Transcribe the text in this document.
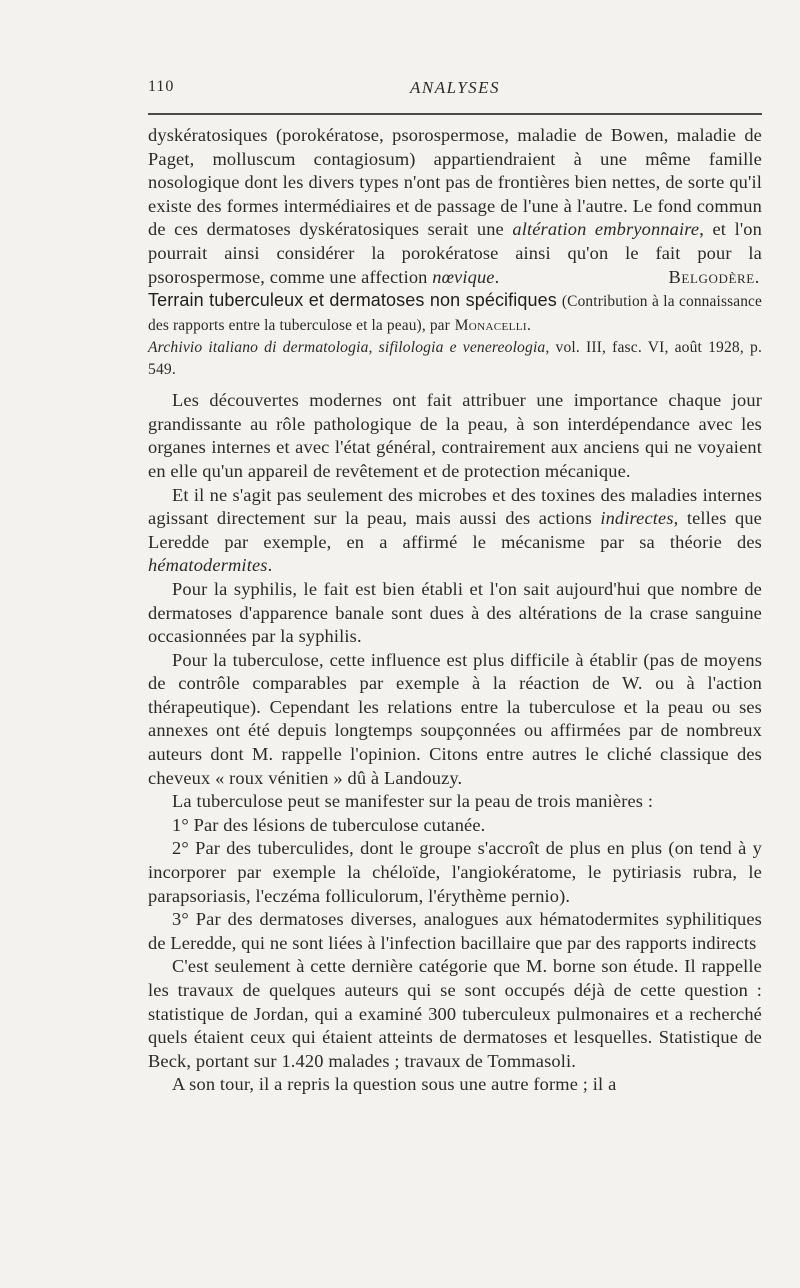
110	ANALYSES

dyskératosiques (porokératose, psorospermose, maladie de Bowen, maladie de Paget, molluscum contagiosum) appartiendraient à une même famille nosologique dont les divers types n'ont pas de frontières bien nettes, de sorte qu'il existe des formes intermédiaires et de passage de l'une à l'autre. Le fond commun de ces dermatoses dyskératosiques serait une altération embryonnaire, et l'on pourrait ainsi considérer la porokératose ainsi qu'on le fait pour la psorospermose, comme une affection nœvique.	Belgodère.

Terrain tuberculeux et dermatoses non spécifiques (Contribution à la connaissance des rapports entre la tuberculose et la peau), par Monacelli.

Archivio italiano di dermatologia, sifilologia e venereologia, vol. III, fasc. VI, août 1928, p. 549.

Les découvertes modernes ont fait attribuer une importance chaque jour grandissante au rôle pathologique de la peau, à son interdépendance avec les organes internes et avec l'état général, contrairement aux anciens qui ne voyaient en elle qu'un appareil de revêtement et de protection mécanique.

Et il ne s'agit pas seulement des microbes et des toxines des maladies internes agissant directement sur la peau, mais aussi des actions indirectes, telles que Leredde par exemple, en a affirmé le mécanisme par sa théorie des hématodermites.

Pour la syphilis, le fait est bien établi et l'on sait aujourd'hui que nombre de dermatoses d'apparence banale sont dues à des altérations de la crase sanguine occasionnées par la syphilis.

Pour la tuberculose, cette influence est plus difficile à établir (pas de moyens de contrôle comparables par exemple à la réaction de W. ou à l'action thérapeutique). Cependant les relations entre la tuberculose et la peau ou ses annexes ont été depuis longtemps soupçonnées ou affirmées par de nombreux auteurs dont M. rappelle l'opinion. Citons entre autres le cliché classique des cheveux « roux vénitien » dû à Landouzy.

La tuberculose peut se manifester sur la peau de trois manières :

1° Par des lésions de tuberculose cutanée.

2° Par des tuberculides, dont le groupe s'accroît de plus en plus (on tend à y incorporer par exemple la chéloïde, l'angiokératome, le pytiriasis rubra, le parapsoriasis, l'eczéma folliculorum, l'érythème pernio).

3° Par des dermatoses diverses, analogues aux hématodermites syphilitiques de Leredde, qui ne sont liées à l'infection bacillaire que par des rapports indirects

C'est seulement à cette dernière catégorie que M. borne son étude. Il rappelle les travaux de quelques auteurs qui se sont occupés déjà de cette question : statistique de Jordan, qui a examiné 300 tuberculeux pulmonaires et a recherché quels étaient ceux qui étaient atteints de dermatoses et lesquelles. Statistique de Beck, portant sur 1.420 malades ; travaux de Tommasoli.

A son tour, il a repris la question sous une autre forme ; il a
